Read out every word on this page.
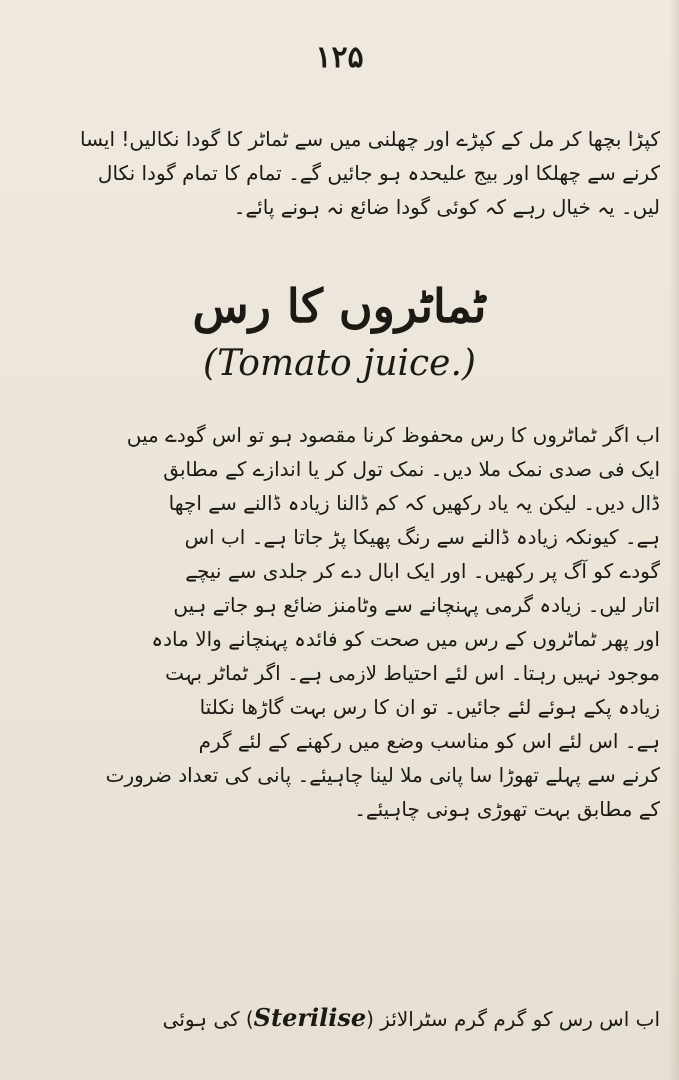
۱۲۵
کپڑا بچھا کر مل کے کپڑے اور چھلنی میں سے ٹماٹر کا گودا نکالیں! ایسا
کرنے سے چھلکا اور بیج علیحدہ ہو جائیں گے۔ تمام کا تمام گودا نکال
لیں۔ یہ خیال رہے کہ کوئی گودا ضائع نہ ہونے پائے۔
ٹماٹروں کا رس
(Tomato juice.)
اب اگر ٹماٹروں کا رس محفوظ کرنا مقصود ہو تو اس گودے میں
ایک فی صدی نمک ملا دیں۔ نمک تول کر یا اندازے کے مطابق
ڈال دیں۔ لیکن یہ یاد رکھیں کہ کم ڈالنا زیادہ ڈالنے سے اچھا
ہے۔ کیونکہ زیادہ ڈالنے سے رنگ پھیکا پڑ جاتا ہے۔ اب اس
گودے کو آگ پر رکھیں۔ اور ایک ابال دے کر جلدی سے نیچے
اتار لیں۔ زیادہ گرمی پہنچانے سے وٹامنز ضائع ہو جاتے ہیں
اور پھر ٹماٹروں کے رس میں صحت کو فائدہ پہنچانے والا مادہ
موجود نہیں رہتا۔ اس لئے احتیاط لازمی ہے۔ اگر ٹماٹر بہت
زیادہ پکے ہوئے لئے جائیں۔ تو ان کا رس بہت گاڑھا نکلتا
ہے۔ اس لئے اس کو مناسب وضع میں رکھنے کے لئے گرم
کرنے سے پہلے تھوڑا سا پانی ملا لینا چاہیئے۔ پانی کی تعداد ضرورت
کے مطابق بہت تھوڑی ہونی چاہیئے۔
اب اس رس کو گرم گرم سٹرالائز (Sterilise) کی ہوئی
